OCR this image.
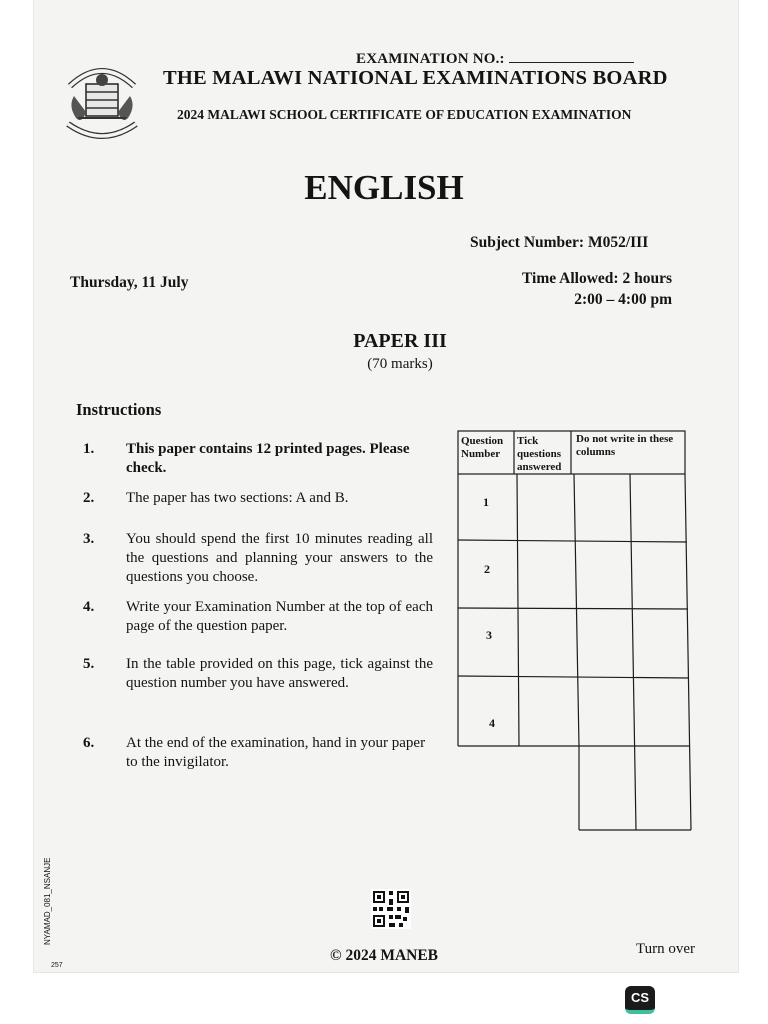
EXAMINATION NO.:
THE MALAWI NATIONAL EXAMINATIONS BOARD
2024 MALAWI SCHOOL CERTIFICATE OF EDUCATION EXAMINATION
ENGLISH
Subject Number: M052/III
Thursday, 11 July	Time Allowed: 2 hours
2:00 – 4:00 pm
PAPER III
(70 marks)
Instructions
1. This paper contains 12 printed pages. Please check.
2. The paper has two sections: A and B.
3. You should spend the first 10 minutes reading all the questions and planning your answers to the questions you choose.
4. Write your Examination Number at the top of each page of the question paper.
5. In the table provided on this page, tick against the question number you have answered.
6. At the end of the examination, hand in your paper to the invigilator.
Question Number
Tick questions answered
Do not write in these columns
1
2
3
4
© 2024 MANEB	Turn over
NYAMAD_081_NSANJE
257
CS
